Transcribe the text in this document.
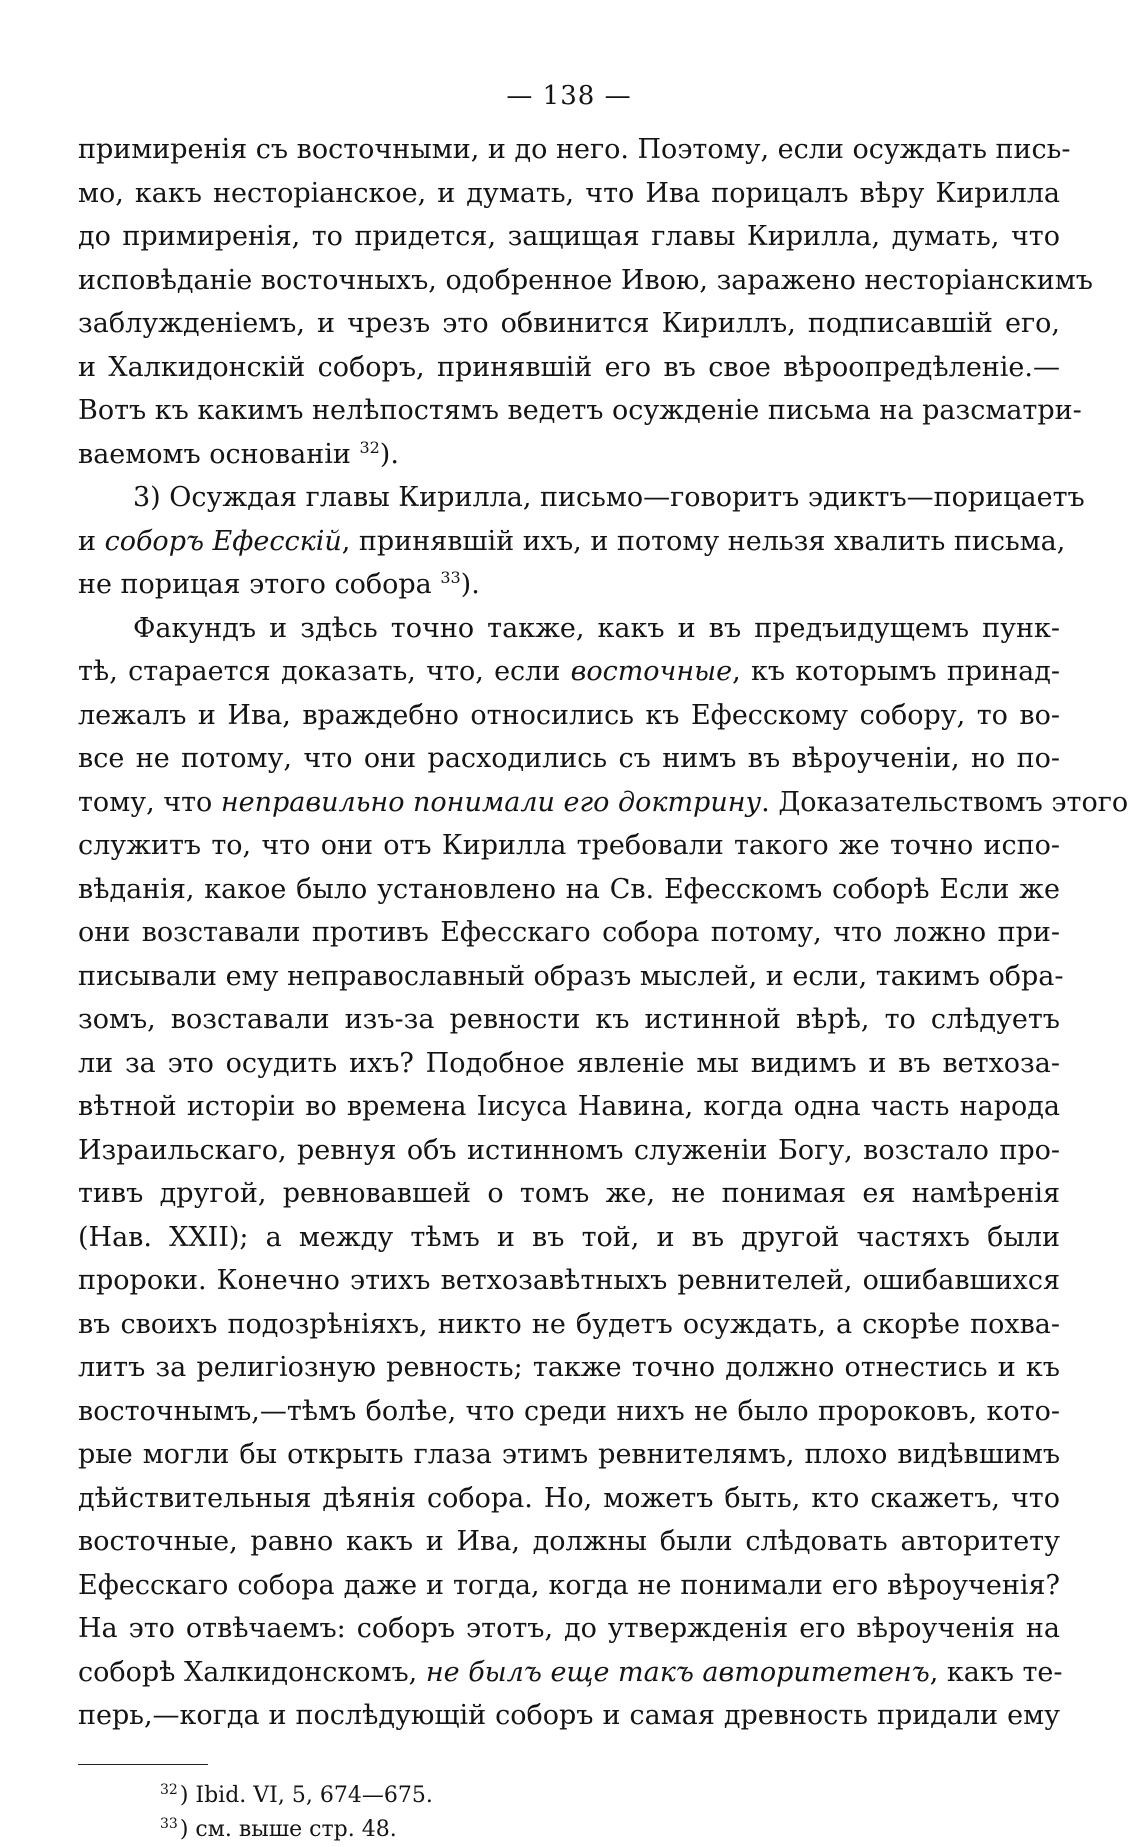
— 138 —
примиренія съ восточными, и до него. Поэтому, если осуждать пись-
мо, какъ несторіанское, и думать, что Ива порицалъ вѣру Кирилла
до примиренія, то придется, защищая главы Кирилла, думать, что
исповѣданіе восточныхъ, одобренное Ивою, заражено несторіанскимъ
заблужденіемъ, и чрезъ это обвинится Кириллъ, подписавшій его,
и Халкидонскій соборъ, принявшій его въ свое вѣроопредѣленіе.—
Вотъ къ какимъ нелѣпостямъ ведетъ осужденіе письма на разсматри-
ваемомъ основаніи $^{32}$).
3) Осуждая главы Кирилла, письмо—говоритъ эдиктъ—порицаетъ
и соборъ Ефесскій, принявшій ихъ, и потому нельзя хвалить письма,
не порицая этого собора $^{33}$).
Факундъ и здѣсь точно также, какъ и въ предъидущемъ пунк-
тѣ, старается доказать, что, если восточные, къ которымъ принад-
лежалъ и Ива, враждебно относились къ Ефесскому собору, то во-
все не потому, что они расходились съ нимъ въ вѣроученіи, но по-
тому, что неправильно понимали его доктрину. Доказательствомъ этого
служитъ то, что они отъ Кирилла требовали такого же точно испо-
вѣданія, какое было установлено на Св. Ефесскомъ соборѣ Если же
они возставали противъ Ефесскаго собора потому, что ложно при-
писывали ему неправославный образъ мыслей, и если, такимъ обра-
зомъ, возставали изъ-за ревности къ истинной вѣрѣ, то слѣдуетъ
ли за это осудить ихъ? Подобное явленіе мы видимъ и въ ветхоза-
вѣтной исторіи во времена Іисуса Навина, когда одна часть народа
Израильскаго, ревнуя объ истинномъ служеніи Богу, возстало про-
тивъ другой, ревновавшей о томъ же, не понимая ея намѣренія
(Нав. XXII); а между тѣмъ и въ той, и въ другой частяхъ были
пророки. Конечно этихъ ветхозавѣтныхъ ревнителей, ошибавшихся
въ своихъ подозрѣніяхъ, никто не будетъ осуждать, а скорѣе похва-
литъ за религіозную ревность; также точно должно отнестись и къ
восточнымъ,—тѣмъ болѣе, что среди нихъ не было пророковъ, кото-
рые могли бы открыть глаза этимъ ревнителямъ, плохо видѣвшимъ
дѣйствительныя дѣянія собора. Но, можетъ быть, кто скажетъ, что
восточные, равно какъ и Ива, должны были слѣдовать авторитету
Ефесскаго собора даже и тогда, когда не понимали его вѣроученія?
На это отвѣчаемъ: соборъ этотъ, до утвержденія его вѣроученія на
соборѣ Халкидонскомъ, не былъ еще такъ авторитетенъ, какъ те-
перь,—когда и послѣдующій соборъ и самая древность придали ему
$^{32}$) Ibid. VI, 5, 674—675.
$^{33}$) см. выше стр. 48.
